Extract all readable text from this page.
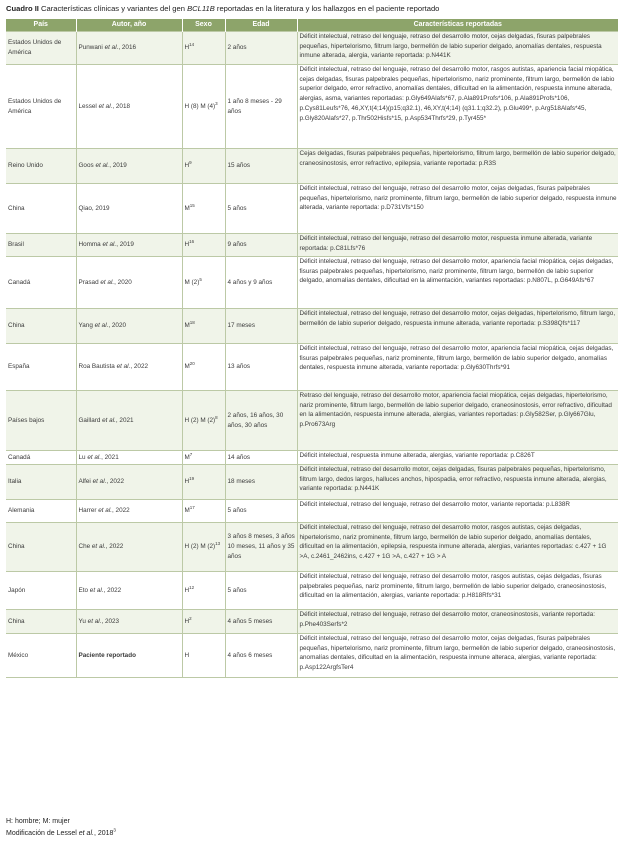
Cuadro II Características clínicas y variantes del gen BCL11B reportadas en la literatura y los hallazgos en el paciente reportado
País	Autor, año	Sexo	Edad	Características reportadas
Estados Unidos de América	Punwani et al., 2016	$H^{14}$	2 años	Déficit intelectual, retraso del lenguaje, retraso del desarrollo motor, cejas delgadas, fisuras palpebrales pequeñas, hipertelorismo, filtrum largo, bermellón de labio superior delgado, anomalías dentales, respuesta inmune alterada, alergia, variante reportada: p.N441K
Estados Unidos de América	Lessel et al., 2018	H (8) M $(4)^3$	1 año 8 meses - 29 años	Déficit intelectual, retraso del lenguaje, retraso del desarrollo motor, rasgos autistas, apariencia facial miopática, cejas delgadas, fisuras palpebrales pequeñas, hipertelorismo, nariz prominente, filtrum largo, bermellón de labio superior delgado, error refractivo, anomalías dentales, dificultad en la alimentación, respuesta inmune alterada, alergias, asma, variantes reportadas: p.Gly649Alafs*67, p.Ala891Profs*106, p.Ala891Profs*106, p.Cys81Leufs*76, 46,XY,t(4;14)(p15;q32.1), 46,XY,t(4;14) (q31.1;q32.2), p.Glu499*, p.Arg518Alafs*45, p.Gly820Alafs*27, p.Thr502Hisfs*15, p.Asp534Thrfs*29, p.Tyr455*
Reino Unido	Goos et al., 2019	$H^9$	15 años	Cejas delgadas, fisuras palpebrales pequeñas, hipertelorismo, filtrum largo, bermellón de labio superior delgado, craneosinostosis, error refractivo, epilepsia, variante reportada: p.R3S
China	Qiao, 2019	$M^{15}$	5 años	Déficit intelectual, retraso del lenguaje, retraso del desarrollo motor, cejas delgadas, fisuras palpebrales pequeñas, hipertelorismo, nariz prominente, filtrum largo, bermellón de labio superior delgado, respuesta inmune alterada, variante reportada: p.D731Vfs*150
Brasil	Homma et al., 2019	$H^{16}$	9 años	Déficit intelectual, retraso del lenguaje, retraso del desarrollo motor, respuesta inmune alterada, variante reportada: p.C81Lfs*76
Canadá	Prasad et al., 2020	M $(2)^5$	4 años y 9 años	Déficit intelectual, retraso del lenguaje, retraso del desarrollo motor, apariencia facial miopática, cejas delgadas, fisuras palpebrales pequeñas, hipertelorismo, nariz prominente, filtrum largo, bermellón de labio superior delgado, anomalías dentales, dificultad en la alimentación, variantes reportadas: p.N807L, p.G649Afs*67
China	Yang et al., 2020	$M^{18}$	17 meses	Déficit intelectual, retraso del lenguaje, retraso del desarrollo motor, cejas delgadas, hipertelorismo, filtrum largo, bermellón de labio superior delgado, respuesta inmune alterada, variante reportada: p.S398Qfs*117
España	Roa Bautista et al., 2022	$M^{20}$	13 años	Déficit intelectual, retraso del lenguaje, retraso del desarrollo motor, apariencia facial miopática, cejas delgadas, fisuras palpebrales pequeñas, nariz prominente, filtrum largo, bermellón de labio superior delgado, anomalías dentales, respuesta inmune alterada, variante reportada: p.Gly630Thrfs*91
Países bajos	Gaillard et al., 2021	H (2) M $(2)^8$	2 años, 16 años, 30 años, 30 años	Retraso del lenguaje, retraso del desarrollo motor, apariencia facial miopática, cejas delgadas, hipertelorismo, nariz prominente, filtrum largo, bermellón de labio superior delgado, craneosinostosis, error refractivo, dificultad en la alimentación, respuesta inmune alterada, alergias, variantes reportadas: p.Gly582Ser, p.Gly667Glu, p.Pro673Arg
Canadá	Lu et al., 2021	$M^7$	14 años	Déficit intelectual, respuesta inmune alterada, alergias, variante reportada: p.C826T
Italia	Alfei et al., 2022	$H^{19}$	18 meses	Déficit intelectual, retraso del desarrollo motor, cejas delgadas, fisuras palpebrales pequeñas, hipertelorismo, filtrum largo, dedos largos, halluces anchos, hipospadia, error refractivo, respuesta inmune alterada, alergias, variante reportada: p.N441K
Alemania	Harrer et al., 2022	$M^{17}$	5 años	Déficit intelectual, retraso del lenguaje, retraso del desarrollo motor, variante reportada: p.L838R
China	Che et al., 2022	H (2) M $(2)^{13}$	3 años 8 meses, 3 años 10 meses, 11 años y 35 años	Déficit intelectual, retraso del lenguaje, retraso del desarrollo motor, rasgos autistas, cejas delgadas, hipertelorismo, nariz prominente, filtrum largo, bermellón de labio superior delgado, anomalías dentales, dificultad en la alimentación, epilepsia, respuesta inmune alterada, alergias, variantes reportadas: c.427 + 1G >A, c.2461_2462ins, c.427 + 1G >A, c.427 + 1G > A
Japón	Eto et al., 2022	$H^{12}$	5 años	Déficit intelectual, retraso del lenguaje, retraso del desarrollo motor, rasgos autistas, cejas delgadas, fisuras palpebrales pequeñas, nariz prominente, filtrum largo, bermellón de labio superior delgado, craneosinostosis, dificultad en la alimentación, alergias, variante reportada: p.H818Rfs*31
China	Yu et al., 2023	$H^2$	4 años 5 meses	Déficit intelectual, retraso del lenguaje, retraso del desarrollo motor, craneosinostosis, variante reportada: p.Phe403Serfs*2
México	Paciente reportado	H	4 años 6 meses	Déficit intelectual, retraso del lenguaje, retraso del desarrollo motor, cejas delgadas, fisuras palpebrales pequeñas, hipertelorismo, nariz prominente, filtrum largo, bermellón de labio superior delgado, craneosinostosis, anomalías dentales, dificultad en la alimentación, respuesta inmune alteraca, alergias, variante reportada: p.Asp122ArgfsTer4
H: hombre; M: mujer
Modificación de Lessel et al., 2018$^3$
